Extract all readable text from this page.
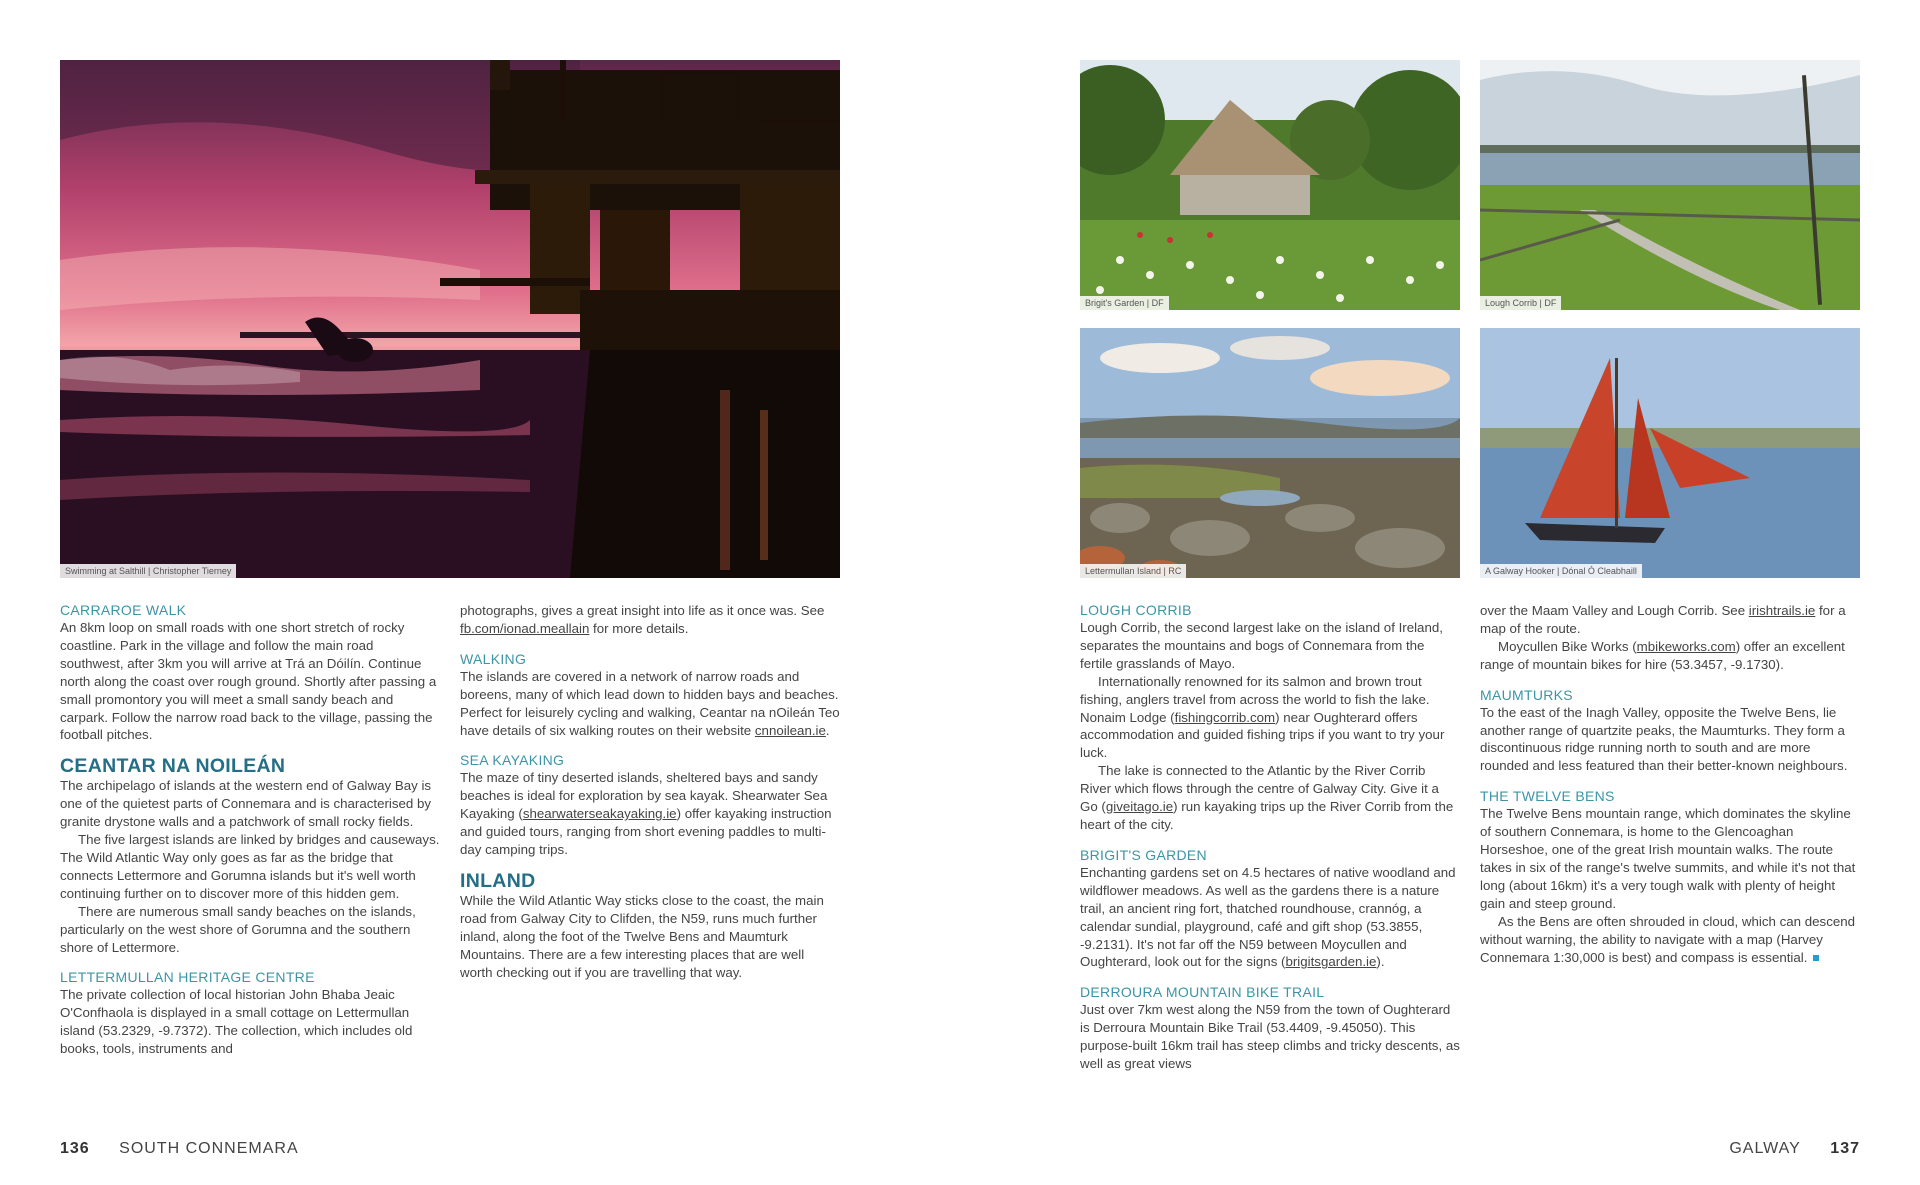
Swimming at Salthill | Christopher Tierney
CARRAROE WALK

An 8km loop on small roads with one short stretch of rocky coastline. Park in the village and follow the main road southwest, after 3km you will arrive at Trá an Dóilín. Continue north along the coast over rough ground. Shortly after passing a small promontory you will meet a small sandy beach and carpark. Follow the narrow road back to the village, passing the football pitches.

CEANTAR NA NOILEÁN

The archipelago of islands at the western end of Galway Bay is one of the quietest parts of Connemara and is characterised by granite drystone walls and a patchwork of small rocky fields.

The five largest islands are linked by bridges and causeways. The Wild Atlantic Way only goes as far as the bridge that connects Lettermore and Gorumna islands but it's well worth continuing further on to discover more of this hidden gem.

There are numerous small sandy beaches on the islands, particularly on the west shore of Gorumna and the southern shore of Lettermore.

LETTERMULLAN HERITAGE CENTRE

The private collection of local historian John Bhaba Jeaic O'Confhaola is displayed in a small cottage on Lettermullan island (53.2329, -9.7372). The collection, which includes old books, tools, instruments and

photographs, gives a great insight into life as it once was. See fb.com/ionad.meallain for more details.

WALKING

The islands are covered in a network of narrow roads and boreens, many of which lead down to hidden bays and beaches. Perfect for leisurely cycling and walking, Ceantar na nOileán Teo have details of six walking routes on their website cnnoilean.ie.

SEA KAYAKING

The maze of tiny deserted islands, sheltered bays and sandy beaches is ideal for exploration by sea kayak. Shearwater Sea Kayaking (shearwaterseakayaking.ie) offer kayaking instruction and guided tours, ranging from short evening paddles to multi-day camping trips.

INLAND

While the Wild Atlantic Way sticks close to the coast, the main road from Galway City to Clifden, the N59, runs much further inland, along the foot of the Twelve Bens and Maumturk Mountains. There are a few interesting places that are well worth checking out if you are travelling that way.

136 SOUTH CONNEMARA
Brigit's Garden | DF	Lough Corrib | DF
Lettermullan Island | RC	A Galway Hooker | Dónal Ó Cleabhaill
LOUGH CORRIB

Lough Corrib, the second largest lake on the island of Ireland, separates the mountains and bogs of Connemara from the fertile grasslands of Mayo.

Internationally renowned for its salmon and brown trout fishing, anglers travel from across the world to fish the lake. Nonaim Lodge (fishingcorrib.com) near Oughterard offers accommodation and guided fishing trips if you want to try your luck.

The lake is connected to the Atlantic by the River Corrib River which flows through the centre of Galway City. Give it a Go (giveitago.ie) run kayaking trips up the River Corrib from the heart of the city.

BRIGIT'S GARDEN

Enchanting gardens set on 4.5 hectares of native woodland and wildflower meadows. As well as the gardens there is a nature trail, an ancient ring fort, thatched roundhouse, crannóg, a calendar sundial, playground, café and gift shop (53.3855, -9.2131). It's not far off the N59 between Moycullen and Oughterard, look out for the signs (brigitsgarden.ie).

DERROURA MOUNTAIN BIKE TRAIL

Just over 7km west along the N59 from the town of Oughterard is Derroura Mountain Bike Trail (53.4409, -9.45050). This purpose-built 16km trail has steep climbs and tricky descents, as well as great views

over the Maam Valley and Lough Corrib. See irishtrails.ie for a map of the route.

Moycullen Bike Works (mbikeworks.com) offer an excellent range of mountain bikes for hire (53.3457, -9.1730).

MAUMTURKS

To the east of the Inagh Valley, opposite the Twelve Bens, lie another range of quartzite peaks, the Maumturks. They form a discontinuous ridge running north to south and are more rounded and less featured than their better-known neighbours.

THE TWELVE BENS

The Twelve Bens mountain range, which dominates the skyline of southern Connemara, is home to the Glencoaghan Horseshoe, one of the great Irish mountain walks. The route takes in six of the range's twelve summits, and while it's not that long (about 16km) it's a very tough walk with plenty of height gain and steep ground.

As the Bens are often shrouded in cloud, which can descend without warning, the ability to navigate with a map (Harvey Connemara 1:30,000 is best) and compass is essential.

GALWAY 137
